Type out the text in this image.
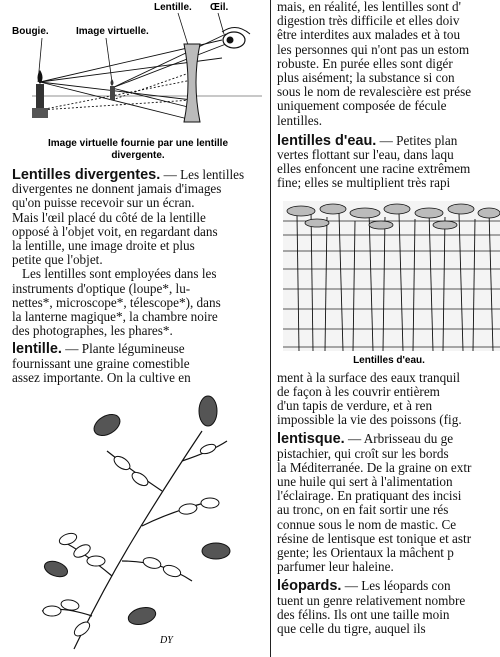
Bougie.	Image virtuelle.
Lentille. Œil.
Image virtuelle fournie par une lentille
divergente.

Lentilles divergentes. — Les lentilles

divergentes ne donnent jamais d'images

qu'on puisse recevoir sur un écran.

Mais l'œil placé du côté de la lentille

opposé à l'objet voit, en regardant dans

la lentille, une image droite et plus

petite que l'objet.

Les lentilles sont employées dans les

instruments d'optique (loupe*, lu-

nettes*, microscope*, télescope*), dans

la lanterne magique*, la chambre noire

des photographes, les phares*.

lentille. — Plante légumineuse

fournissant une graine comestible

assez importante. On la cultive en

DY

mais, en réalité, les lentilles sont d'

digestion très difficile et elles doiv

être interdites aux malades et à tou

les personnes qui n'ont pas un estom

robuste. En purée elles sont digér

plus aisément; la substance si con

sous le nom de revalescière est prése

uniquement composée de fécule

lentilles.

lentilles d'eau. — Petites plan

vertes flottant sur l'eau, dans laqu

elles enfoncent une racine extrêmem

fine; elles se multiplient très rapi

Lentilles d'eau.

ment à la surface des eaux tranquil

de façon à les couvrir entièrem

d'un tapis de verdure, et à ren

impossible la vie des poissons (fig.

lentisque. — Arbrisseau du ge

pistachier, qui croît sur les bords

la Méditerranée. De la graine on extr

une huile qui sert à l'alimentation

l'éclairage. En pratiquant des incisi

au tronc, on en fait sortir une rés

connue sous le nom de mastic. Ce

résine de lentisque est tonique et astr

gente; les Orientaux la mâchent p

parfumer leur haleine.

léopards. — Les léopards con

tuent un genre relativement nombre

des félins. Ils ont une taille moin

que celle du tigre, auquel ils
